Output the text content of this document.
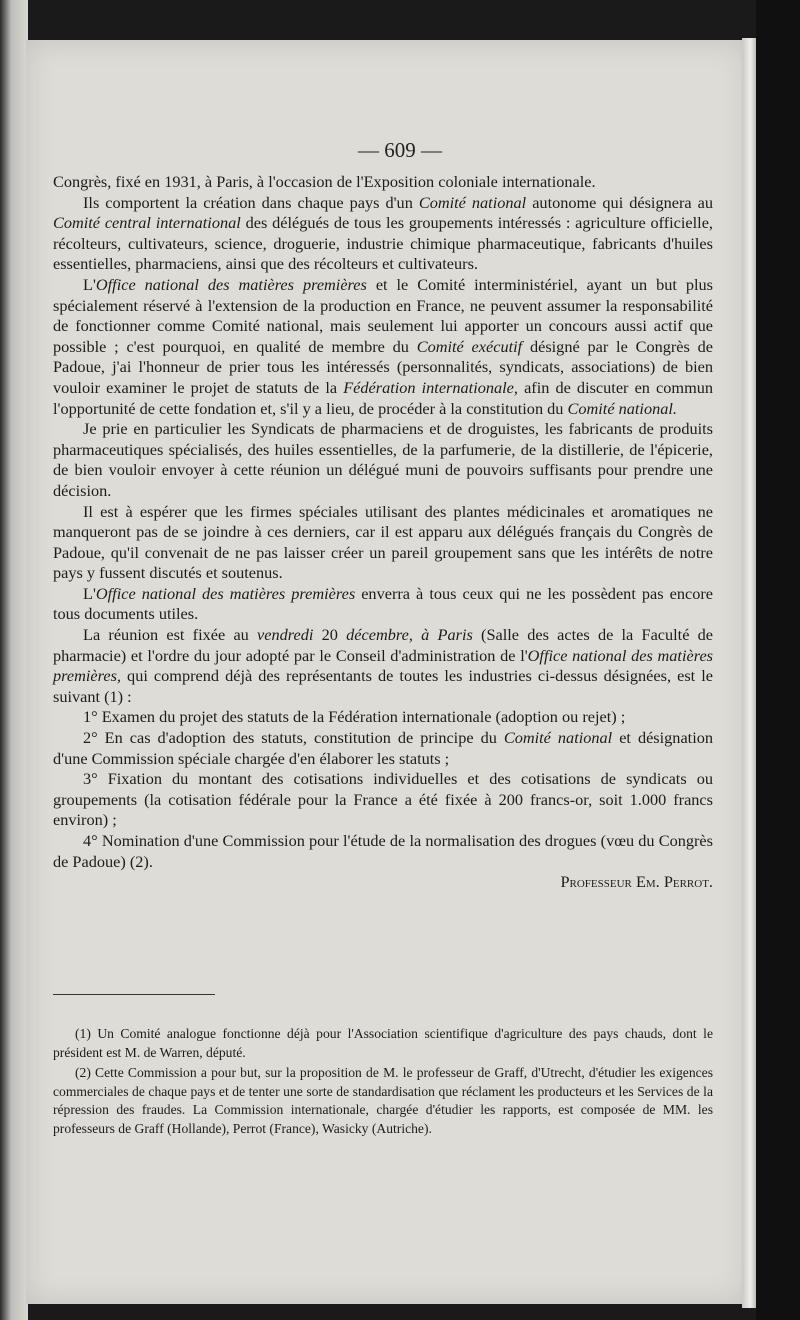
— 609 —

Congrès, fixé en 1931, à Paris, à l'occasion de l'Exposition coloniale internationale.

Ils comportent la création dans chaque pays d'un Comité national autonome qui désignera au Comité central international des délégués de tous les groupements intéressés : agriculture officielle, récolteurs, cultivateurs, science, droguerie, industrie chimique pharmaceutique, fabricants d'huiles essentielles, pharmaciens, ainsi que des récolteurs et cultivateurs.

L'Office national des matières premières et le Comité interministériel, ayant un but plus spécialement réservé à l'extension de la production en France, ne peuvent assumer la responsabilité de fonctionner comme Comité national, mais seulement lui apporter un concours aussi actif que possible ; c'est pourquoi, en qualité de membre du Comité exécutif désigné par le Congrès de Padoue, j'ai l'honneur de prier tous les intéressés (personnalités, syndicats, associations) de bien vouloir examiner le projet de statuts de la Fédération internationale, afin de discuter en commun l'opportunité de cette fondation et, s'il y a lieu, de procéder à la constitution du Comité national.

Je prie en particulier les Syndicats de pharmaciens et de droguistes, les fabricants de produits pharmaceutiques spécialisés, des huiles essentielles, de la parfumerie, de la distillerie, de l'épicerie, de bien vouloir envoyer à cette réunion un délégué muni de pouvoirs suffisants pour prendre une décision.

Il est à espérer que les firmes spéciales utilisant des plantes médicinales et aromatiques ne manqueront pas de se joindre à ces derniers, car il est apparu aux délégués français du Congrès de Padoue, qu'il convenait de ne pas laisser créer un pareil groupement sans que les intérêts de notre pays y fussent discutés et soutenus.

L'Office national des matières premières enverra à tous ceux qui ne les possèdent pas encore tous documents utiles.

La réunion est fixée au vendredi 20 décembre, à Paris (Salle des actes de la Faculté de pharmacie) et l'ordre du jour adopté par le Conseil d'administration de l'Office national des matières premières, qui comprend déjà des représentants de toutes les industries ci-dessus désignées, est le suivant (1) :

1° Examen du projet des statuts de la Fédération internationale (adoption ou rejet) ;

2° En cas d'adoption des statuts, constitution de principe du Comité national et désignation d'une Commission spéciale chargée d'en élaborer les statuts ;

3° Fixation du montant des cotisations individuelles et des cotisations de syndicats ou groupements (la cotisation fédérale pour la France a été fixée à 200 francs-or, soit 1.000 francs environ) ;

4° Nomination d'une Commission pour l'étude de la normalisation des drogues (vœu du Congrès de Padoue) (2).

Professeur Em. Perrot.

(1) Un Comité analogue fonctionne déjà pour l'Association scientifique d'agriculture des pays chauds, dont le président est M. de Warren, député.

(2) Cette Commission a pour but, sur la proposition de M. le professeur de Graff, d'Utrecht, d'étudier les exigences commerciales de chaque pays et de tenter une sorte de standardisation que réclament les producteurs et les Services de la répression des fraudes. La Commission internationale, chargée d'étudier les rapports, est composée de MM. les professeurs de Graff (Hollande), Perrot (France), Wasicky (Autriche).
